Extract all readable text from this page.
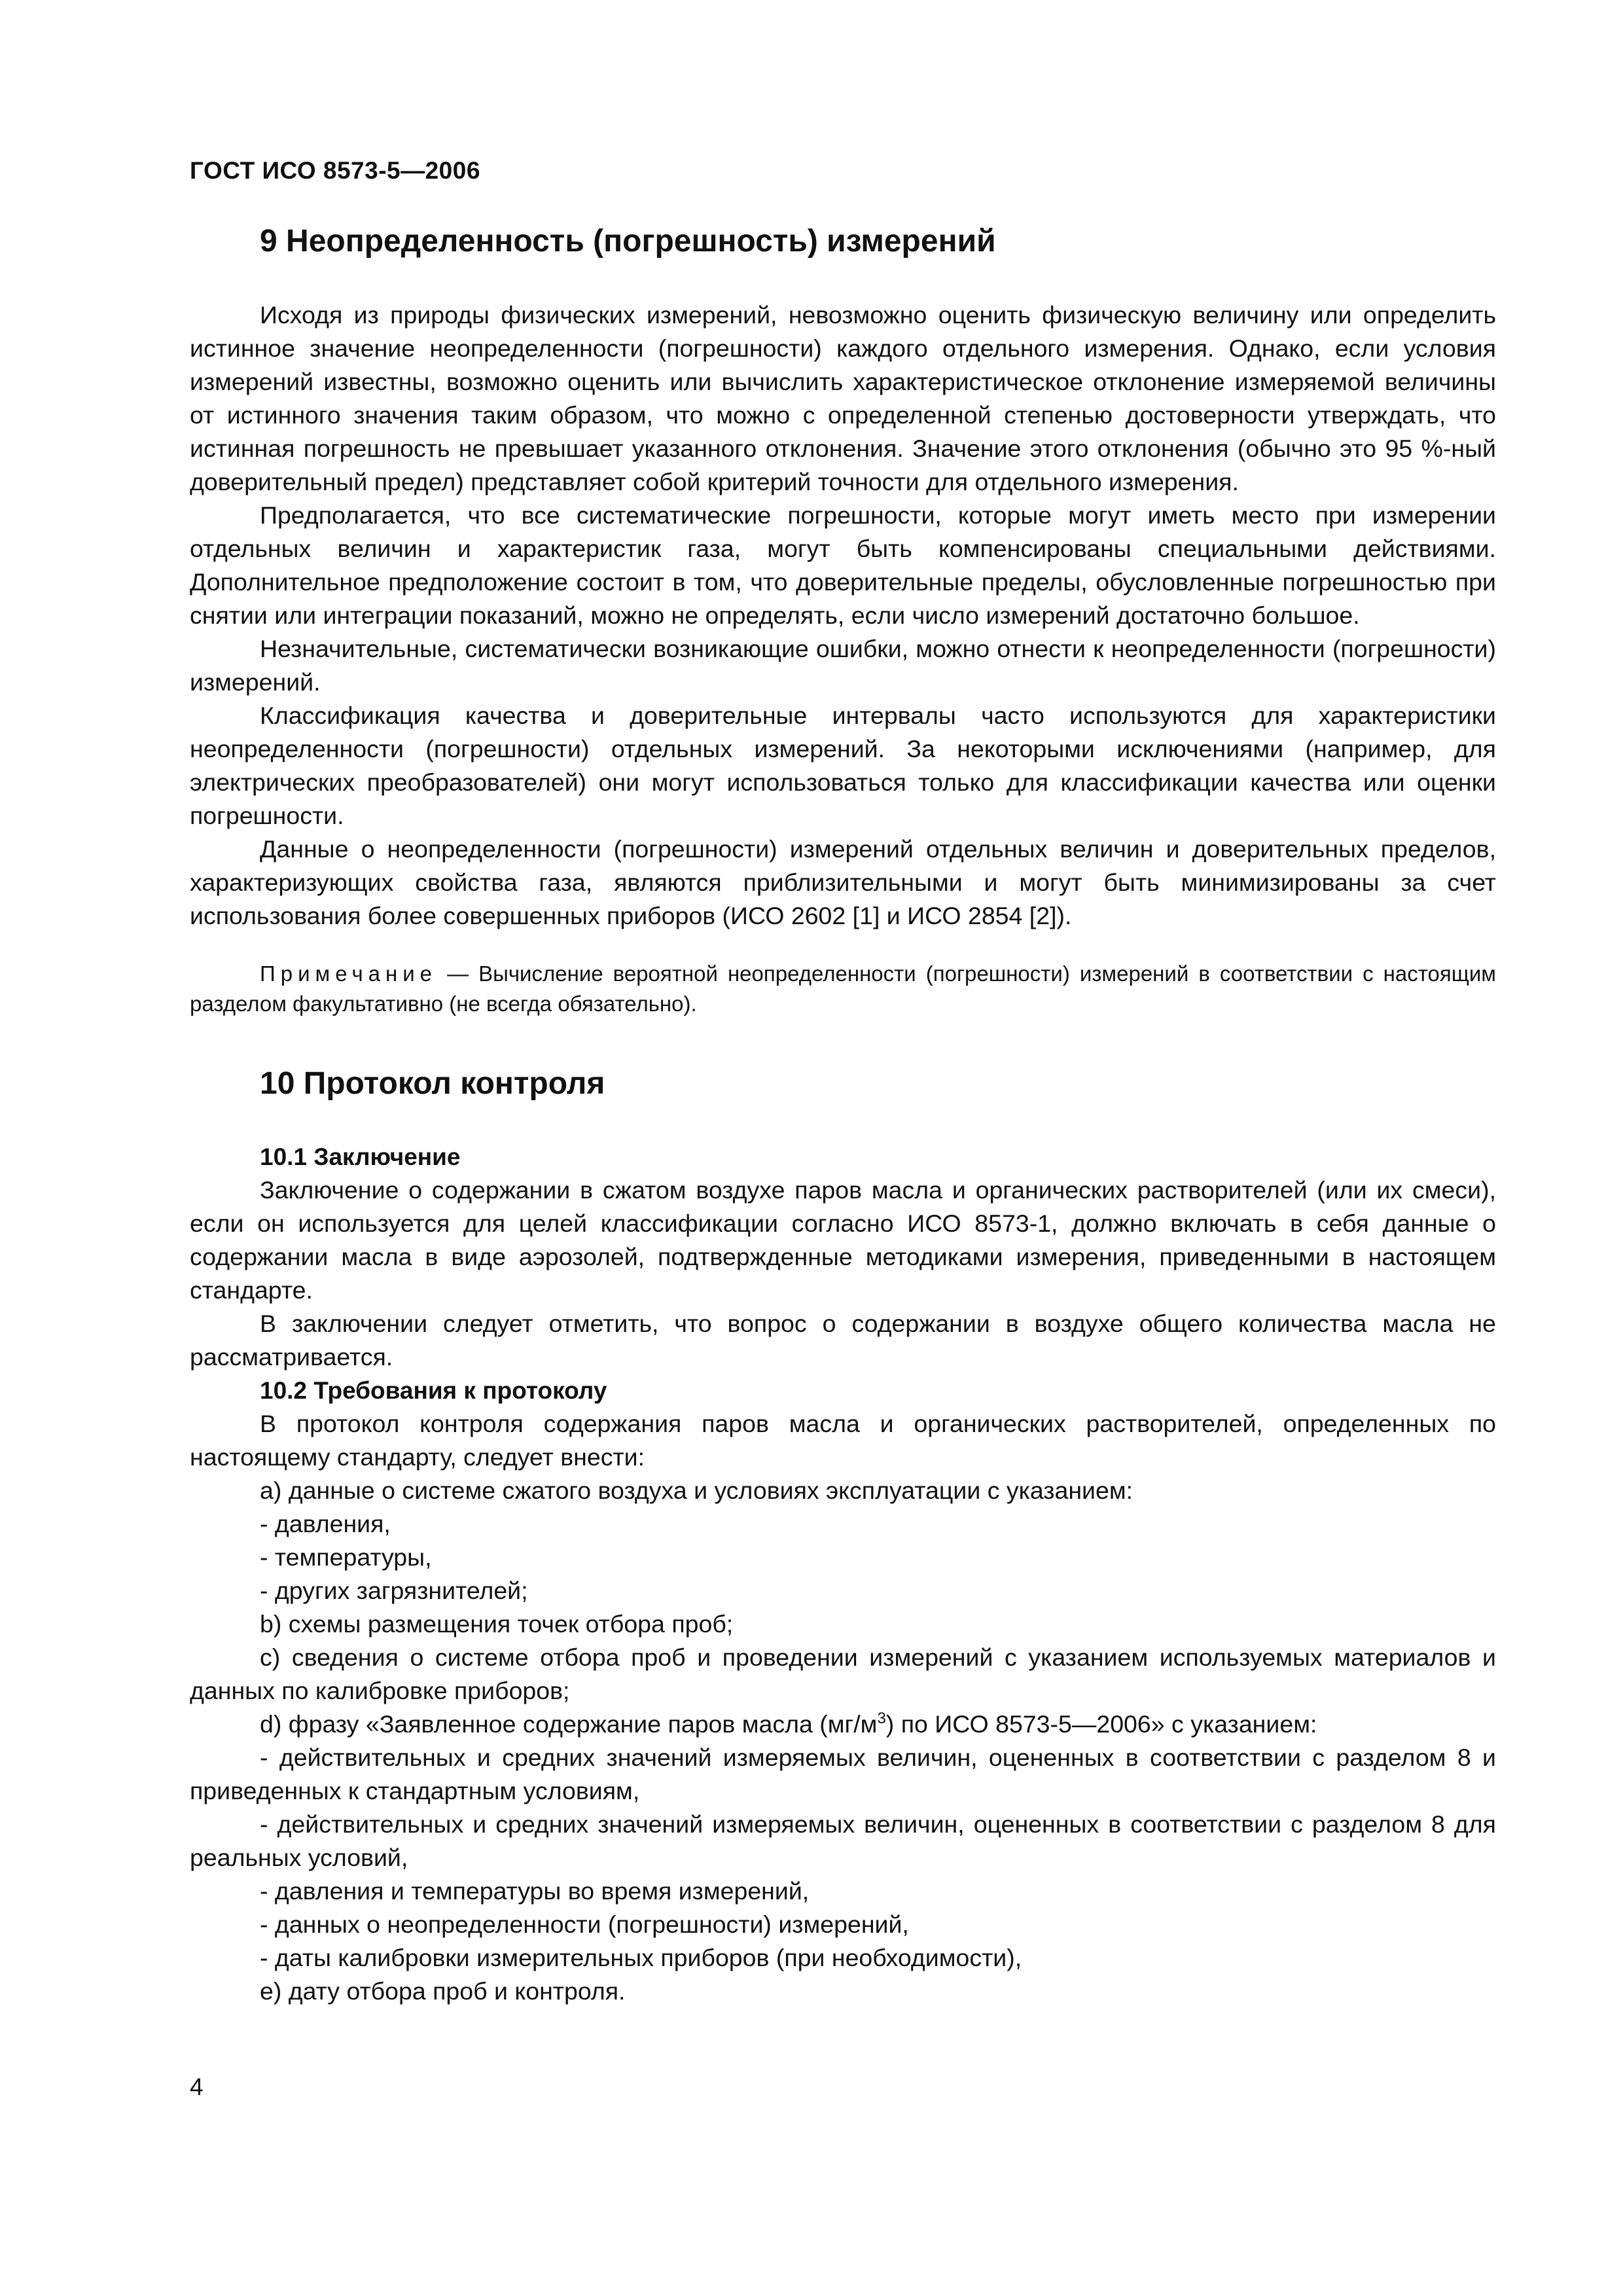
ГОСТ ИСО 8573-5—2006
9 Неопределенность (погрешность) измерений

Исходя из природы физических измерений, невозможно оценить физическую величину или определить истинное значение неопределенности (погрешности) каждого отдельного измерения. Однако, если условия измерений известны, возможно оценить или вычислить характеристическое отклонение измеряемой величины от истинного значения таким образом, что можно с определенной степенью достоверности утверждать, что истинная погрешность не превышает указанного отклонения. Значение этого отклонения (обычно это 95 %-ный доверительный предел) представляет собой критерий точности для отдельного измерения.

Предполагается, что все систематические погрешности, которые могут иметь место при измерении отдельных величин и характеристик газа, могут быть компенсированы специальными действиями. Дополнительное предположение состоит в том, что доверительные пределы, обусловленные погрешностью при снятии или интеграции показаний, можно не определять, если число измерений достаточно большое.

Незначительные, систематически возникающие ошибки, можно отнести к неопределенности (погрешности) измерений.

Классификация качества и доверительные интервалы часто используются для характеристики неопределенности (погрешности) отдельных измерений. За некоторыми исключениями (например, для электрических преобразователей) они могут использоваться только для классификации качества или оценки погрешности.

Данные о неопределенности (погрешности) измерений отдельных величин и доверительных пределов, характеризующих свойства газа, являются приблизительными и могут быть минимизированы за счет использования более совершенных приборов (ИСО 2602 [1] и ИСО 2854 [2]).

Примечание — Вычисление вероятной неопределенности (погрешности) измерений в соответствии с настоящим разделом факультативно (не всегда обязательно).
10 Протокол контроля
10.1 Заключение

Заключение о содержании в сжатом воздухе паров масла и органических растворителей (или их смеси), если он используется для целей классификации согласно ИСО 8573-1, должно включать в себя данные о содержании масла в виде аэрозолей, подтвержденные методиками измерения, приведенными в настоящем стандарте.

В заключении следует отметить, что вопрос о содержании в воздухе общего количества масла не рассматривается.

10.2 Требования к протоколу

В протокол контроля содержания паров масла и органических растворителей, определенных по настоящему стандарту, следует внести:

а) данные о системе сжатого воздуха и условиях эксплуатации с указанием:

- давления,

- температуры,

- других загрязнителей;

b) схемы размещения точек отбора проб;

c) сведения о системе отбора проб и проведении измерений с указанием используемых материалов и данных по калибровке приборов;

d) фразу «Заявленное содержание паров масла $(мг/м^3)$ по ИСО 8573-5—2006» с указанием:

- действительных и средних значений измеряемых величин, оцененных в соответствии с разделом 8 и приведенных к стандартным условиям,

- действительных и средних значений измеряемых величин, оцененных в соответствии с разделом 8 для реальных условий,

- давления и температуры во время измерений,

- данных о неопределенности (погрешности) измерений,

- даты калибровки измерительных приборов (при необходимости),

e) дату отбора проб и контроля.

4
